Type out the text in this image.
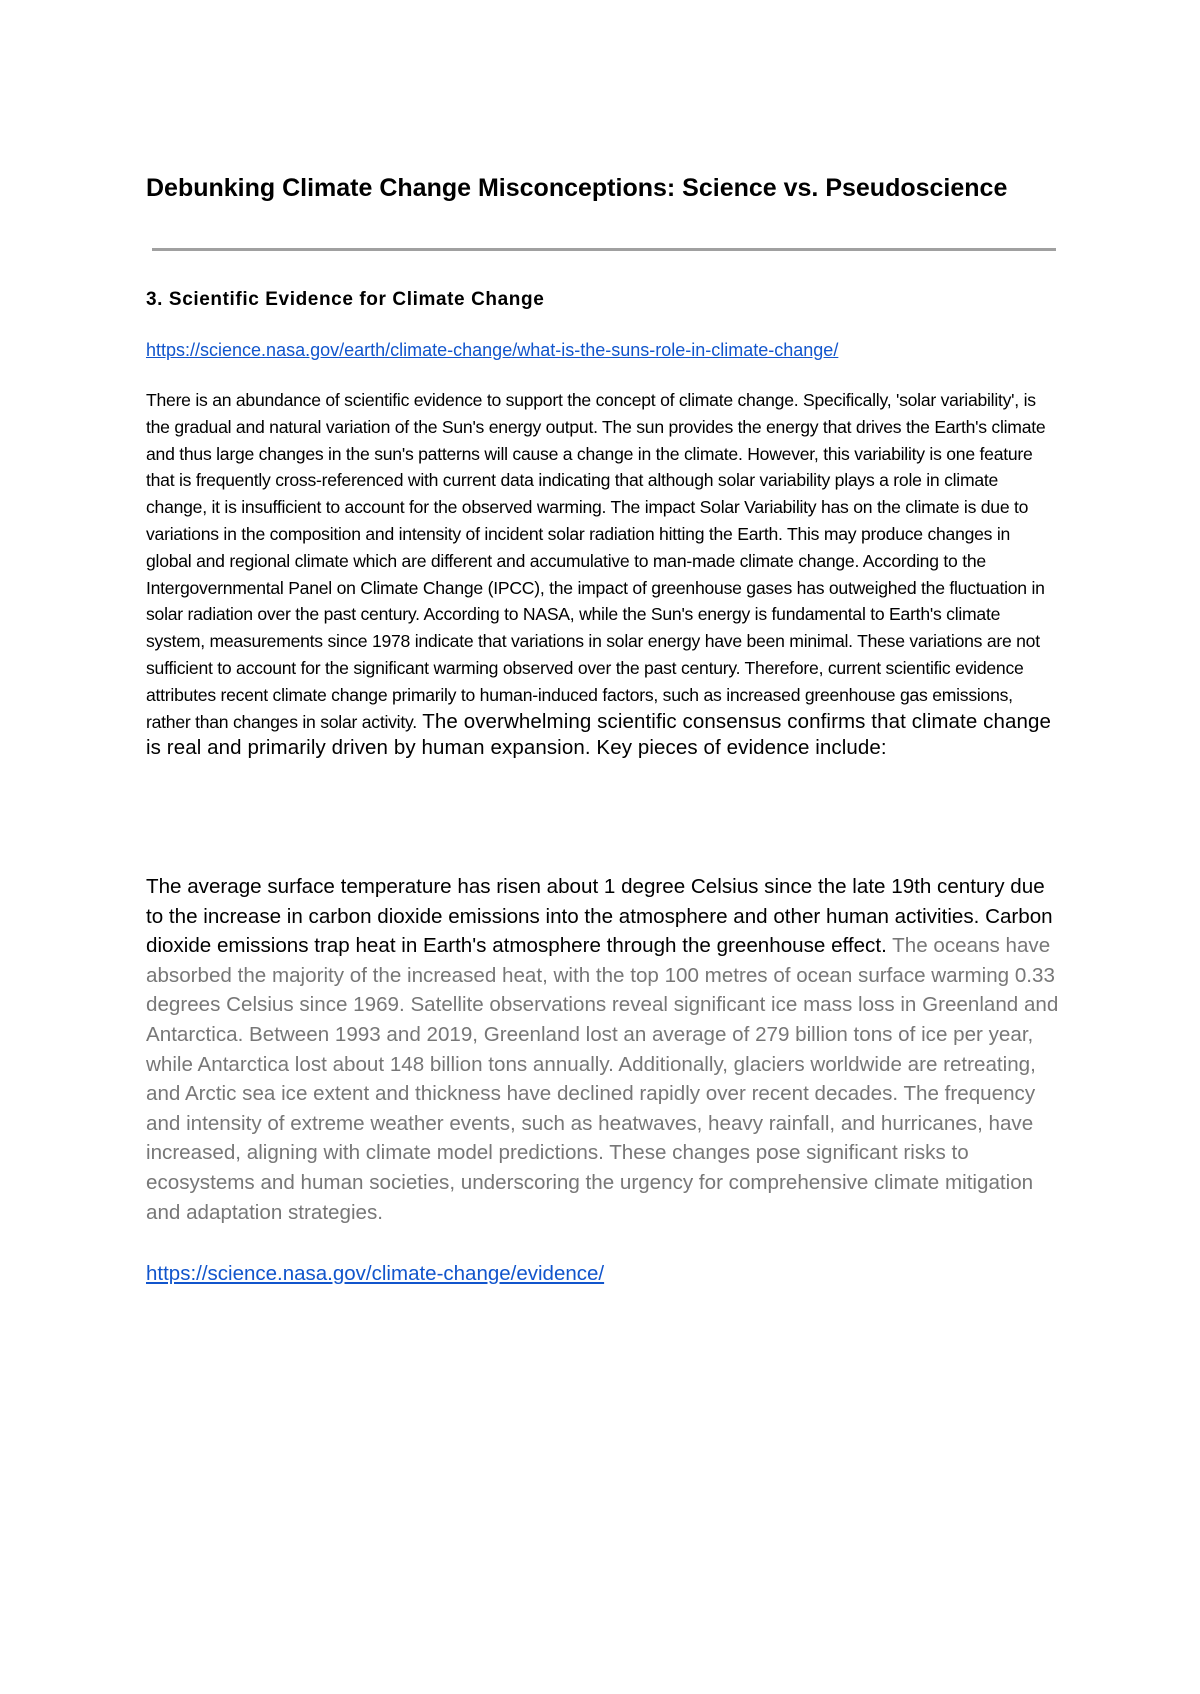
Debunking Climate Change Misconceptions: Science vs. Pseudoscience
3. Scientific Evidence for Climate Change
https://science.nasa.gov/earth/climate-change/what-is-the-suns-role-in-climate-change/

There is an abundance of scientific evidence to support the concept of climate change. Specifically, 'solar variability', is the gradual and natural variation of the Sun's energy output. The sun provides the energy that drives the Earth's climate and thus large changes in the sun's patterns will cause a change in the climate. However, this variability is one feature that is frequently cross-referenced with current data indicating that although solar variability plays a role in climate change, it is insufficient to account for the observed warming. The impact Solar Variability has on the climate is due to variations in the composition and intensity of incident solar radiation hitting the Earth. This may produce changes in global and regional climate which are different and accumulative to man-made climate change. According to the Intergovernmental Panel on Climate Change (IPCC), the impact of greenhouse gases has outweighed the fluctuation in solar radiation over the past century. According to NASA, while the Sun's energy is fundamental to Earth's climate system, measurements since 1978 indicate that variations in solar energy have been minimal. These variations are not sufficient to account for the significant warming observed over the past century. Therefore, current scientific evidence attributes recent climate change primarily to human-induced factors, such as increased greenhouse gas emissions, rather than changes in solar activity. The overwhelming scientific consensus confirms that climate change is real and primarily driven by human expansion. Key pieces of evidence include:

The average surface temperature has risen about 1 degree Celsius since the late 19th century due to the increase in carbon dioxide emissions into the atmosphere and other human activities. Carbon dioxide emissions trap heat in Earth's atmosphere through the greenhouse effect. The oceans have absorbed the majority of the increased heat, with the top 100 metres of ocean surface warming 0.33 degrees Celsius since 1969. Satellite observations reveal significant ice mass loss in Greenland and Antarctica. Between 1993 and 2019, Greenland lost an average of 279 billion tons of ice per year, while Antarctica lost about 148 billion tons annually. Additionally, glaciers worldwide are retreating, and Arctic sea ice extent and thickness have declined rapidly over recent decades. The frequency and intensity of extreme weather events, such as heatwaves, heavy rainfall, and hurricanes, have increased, aligning with climate model predictions. These changes pose significant risks to ecosystems and human societies, underscoring the urgency for comprehensive climate mitigation and adaptation strategies.

https://science.nasa.gov/climate-change/evidence/
